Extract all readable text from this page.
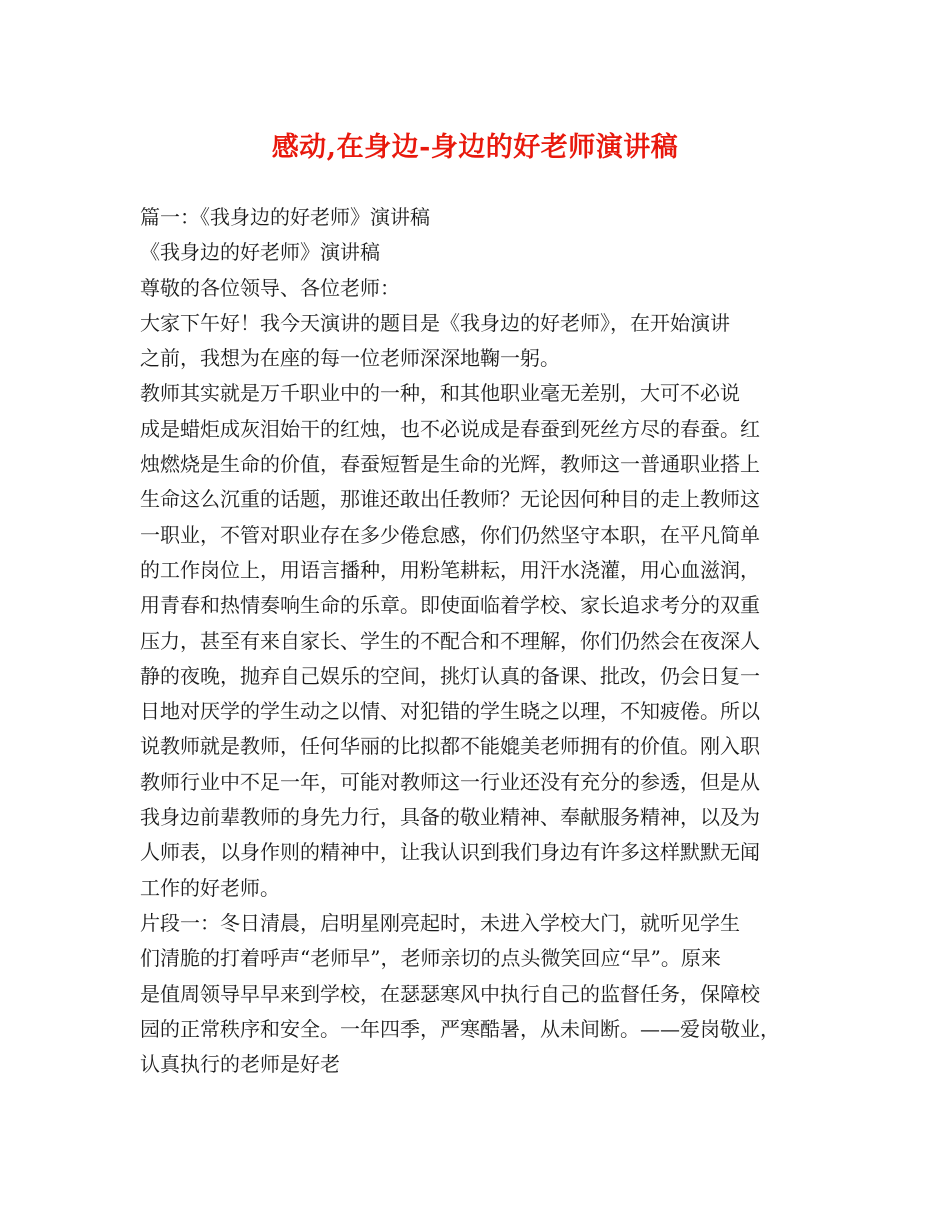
感动,在身边-身边的好老师演讲稿
篇一：《我身边的好老师》演讲稿
《我身边的好老师》演讲稿
尊敬的各位领导、各位老师：
大家下午好！我今天演讲的题目是《我身边的好老师》，在开始演讲
之前，我想为在座的每一位老师深深地鞠一躬。
教师其实就是万千职业中的一种，和其他职业毫无差别，大可不必说
成是蜡炬成灰泪始干的红烛，也不必说成是春蚕到死丝方尽的春蚕。红
烛燃烧是生命的价值，春蚕短暂是生命的光辉，教师这一普通职业搭上
生命这么沉重的话题，那谁还敢出任教师？无论因何种目的走上教师这
一职业，不管对职业存在多少倦怠感，你们仍然坚守本职，在平凡简单
的工作岗位上，用语言播种，用粉笔耕耘，用汗水浇灌，用心血滋润，
用青春和热情奏响生命的乐章。即使面临着学校、家长追求考分的双重
压力，甚至有来自家长、学生的不配合和不理解，你们仍然会在夜深人
静的夜晚，抛弃自己娱乐的空间，挑灯认真的备课、批改，仍会日复一
日地对厌学的学生动之以情、对犯错的学生晓之以理，不知疲倦。所以
说教师就是教师，任何华丽的比拟都不能媲美老师拥有的价值。刚入职
教师行业中不足一年，可能对教师这一行业还没有充分的参透，但是从
我身边前辈教师的身先力行，具备的敬业精神、奉献服务精神，以及为
人师表，以身作则的精神中，让我认识到我们身边有许多这样默默无闻
工作的好老师。
片段一：冬日清晨，启明星刚亮起时，未进入学校大门，就听见学生
们清脆的打着呼声“老师早”，老师亲切的点头微笑回应“早”。原来
是值周领导早早来到学校，在瑟瑟寒风中执行自己的监督任务，保障校
园的正常秩序和安全。一年四季，严寒酷暑，从未间断。——爱岗敬业，
认真执行的老师是好老
